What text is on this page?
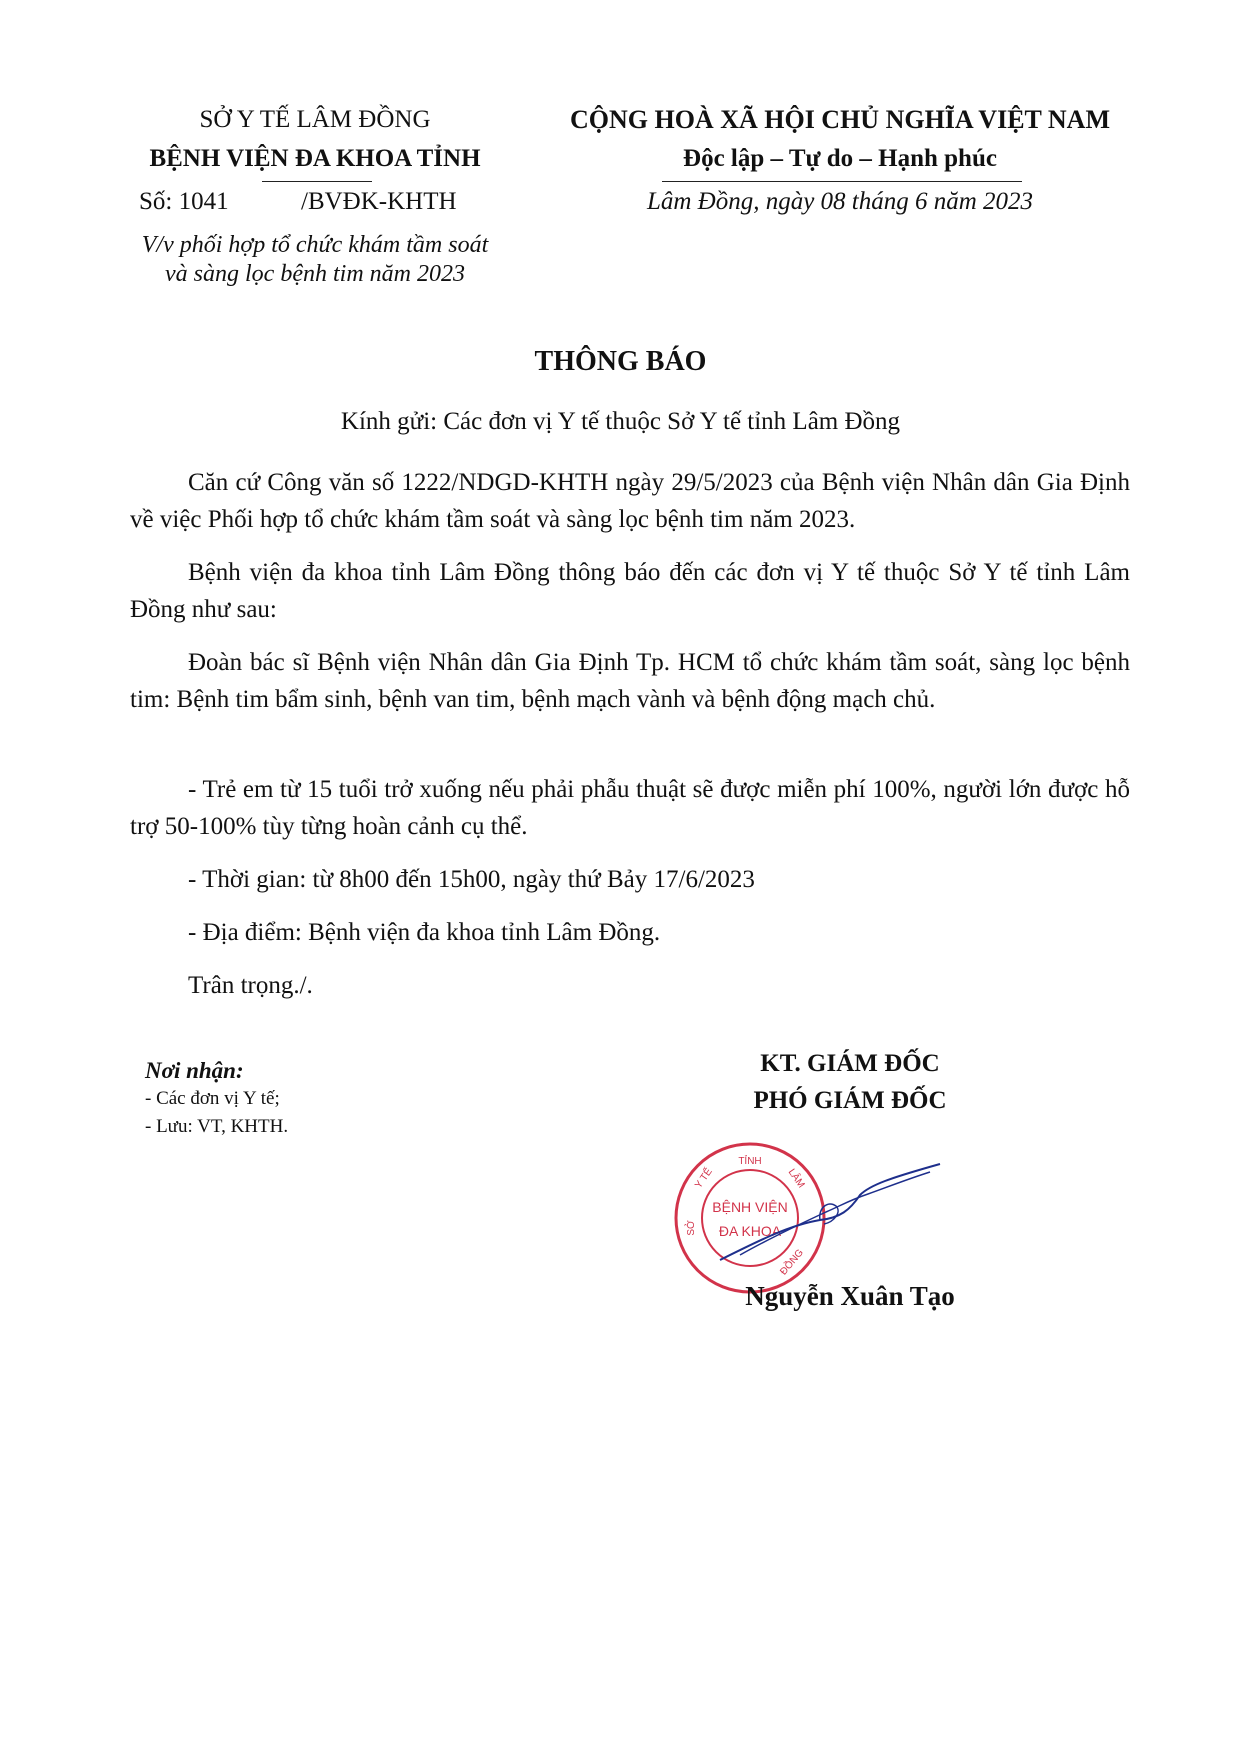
SỞ Y TẾ LÂM ĐỒNG
BỆNH VIỆN ĐA KHOA TỈNH
Số: 1041	/BVĐK-KHTH
V/v phối hợp tổ chức khám tầm soát
và sàng lọc bệnh tim năm 2023
CỘNG HOÀ XÃ HỘI CHỦ NGHĨA VIỆT NAM
Độc lập – Tự do – Hạnh phúc
Lâm Đồng, ngày 08 tháng 6 năm 2023
THÔNG BÁO
Kính gửi: Các đơn vị Y tế thuộc Sở Y tế tỉnh Lâm Đồng
Căn cứ Công văn số 1222/NDGD-KHTH ngày 29/5/2023 của Bệnh viện Nhân dân Gia Định về việc Phối hợp tổ chức khám tầm soát và sàng lọc bệnh tim năm 2023.
Bệnh viện đa khoa tỉnh Lâm Đồng thông báo đến các đơn vị Y tế thuộc Sở Y tế tỉnh Lâm Đồng như sau:
Đoàn bác sĩ Bệnh viện Nhân dân Gia Định Tp. HCM tổ chức khám tầm soát, sàng lọc bệnh tim: Bệnh tim bẩm sinh, bệnh van tim, bệnh mạch vành và bệnh động mạch chủ.
- Trẻ em từ 15 tuổi trở xuống nếu phải phẫu thuật sẽ được miễn phí 100%, người lớn được hỗ trợ 50-100% tùy từng hoàn cảnh cụ thể.
- Thời gian: từ 8h00 đến 15h00, ngày thứ Bảy 17/6/2023
- Địa điểm: Bệnh viện đa khoa tỉnh Lâm Đồng.
Trân trọng./.
Nơi nhận:
- Các đơn vị Y tế;
- Lưu: VT, KHTH.
KT. GIÁM ĐỐC
PHÓ GIÁM ĐỐC
TỈNH
LÂM
Y TẾ
SỞ
BỆNH VIỆN
ĐA KHOA
ĐỒNG
Nguyễn Xuân Tạo
